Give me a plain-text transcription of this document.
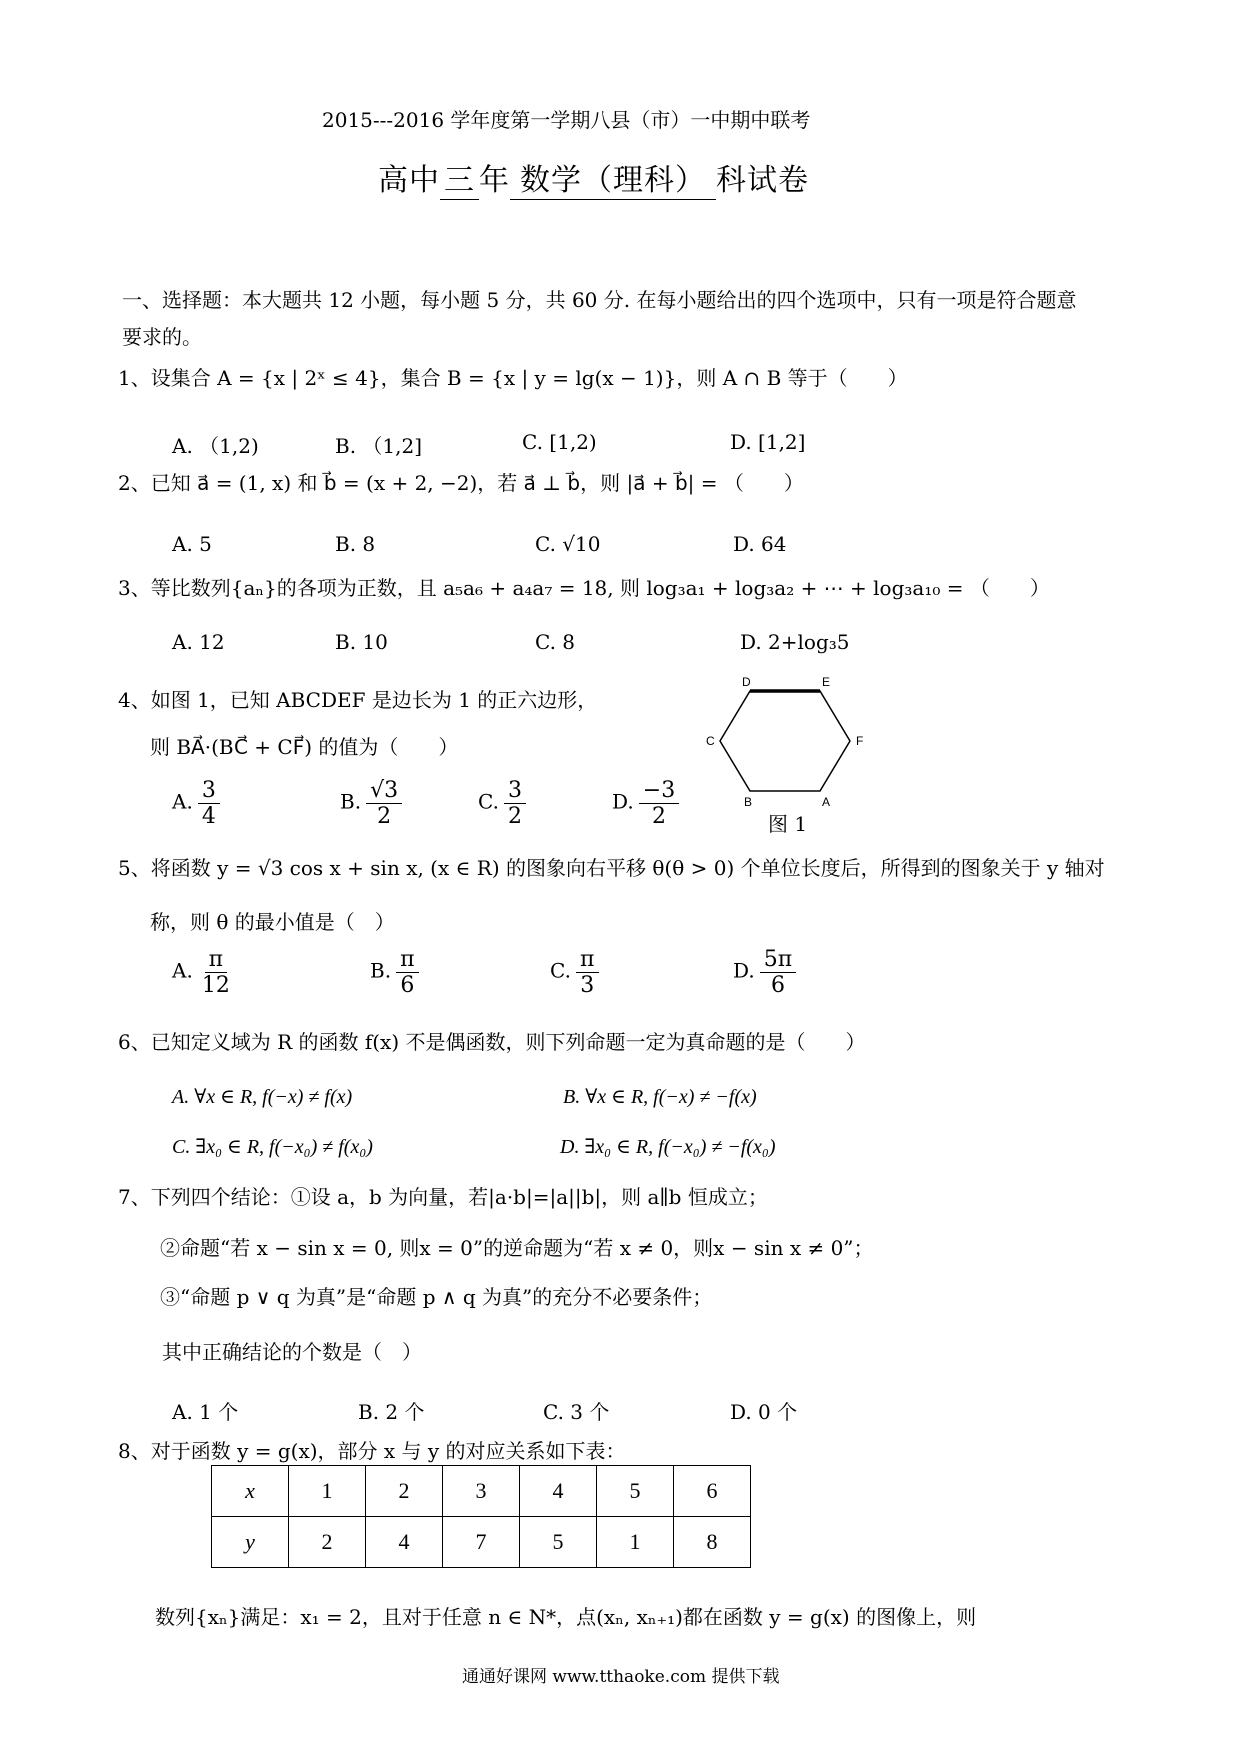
2015---2016 学年度第一学期八县（市）一中期中联考
高中 三 年 数学（理科） 科试卷
一、选择题：本大题共 12 小题，每小题 5 分，共 60 分. 在每小题给出的四个选项中，只有一项是符合题意
要求的。
1、设集合 A = {x | 2ˣ ≤ 4}，集合 B = {x | y = lg(x − 1)}，则 A ∩ B 等于（　　）
A. （1,2)	B. （1,2]	C. [1,2)	D. [1,2]
2、已知 a⃗ = (1, x) 和 b⃗ = (x + 2, −2)，若 a⃗ ⊥ b⃗，则 |a⃗ + b⃗| = （　　）
A. 5	B. 8	C. √10	D. 64
3、等比数列{aₙ}的各项为正数，且 a₅a₆ + a₄a₇ = 18, 则 log₃a₁ + log₃a₂ + ⋯ + log₃a₁₀ = （　　）
A. 12	B. 10	C. 8	D. 2+log₃5
4、如图 1，已知 ABCDEF 是边长为 1 的正六边形，
则 BA⃗·(BC⃗ + CF⃗) 的值为（　　）
A. $\frac{3}{4}$	B. $\frac{√3}{2}$	C. $\frac{3}{2}$	D. $\frac{-3}{2}$
D	E
F
A
B
C
图 1
5、将函数 y = √3 cos x + sin x, (x ∈ R) 的图象向右平移 θ(θ > 0) 个单位长度后，所得到的图象关于 y 轴对
称，则 θ 的最小值是（　）
A. $\frac{\pi}{12}$	B. $\frac{\pi}{6}$	C. $\frac{\pi}{3}$	D. $\frac{5\pi}{6}$
6、已知定义域为 R 的函数 f(x) 不是偶函数，则下列命题一定为真命题的是（　　）
A. ∀x ∈ R, f(−x) ≠ f(x)	B. ∀x ∈ R, f(−x) ≠ −f(x)
C. ∃x₀ ∈ R, f(−x₀) ≠ f(x₀)	D. ∃x₀ ∈ R, f(−x₀) ≠ −f(x₀)
7、下列四个结论：①设 a，b 为向量，若|a·b|=|a||b|，则 a∥b 恒成立；
②命题“若 x − sin x = 0, 则x = 0”的逆命题为“若 x ≠ 0，则x − sin x ≠ 0”；
③“命题 p ∨ q 为真”是“命题 p ∧ q 为真”的充分不必要条件；
其中正确结论的个数是（　）
A. 1 个	B. 2 个	C. 3 个	D. 0 个
8、对于函数 y = g(x)，部分 x 与 y 的对应关系如下表：
x	1	2	3	4	5	6
y	2	4	7	5	1	8
数列{xₙ}满足：x₁ = 2，且对于任意 n ∈ N*，点(xₙ, xₙ₊₁)都在函数 y = g(x) 的图像上，则
通通好课网 www.tthaoke.com 提供下载
